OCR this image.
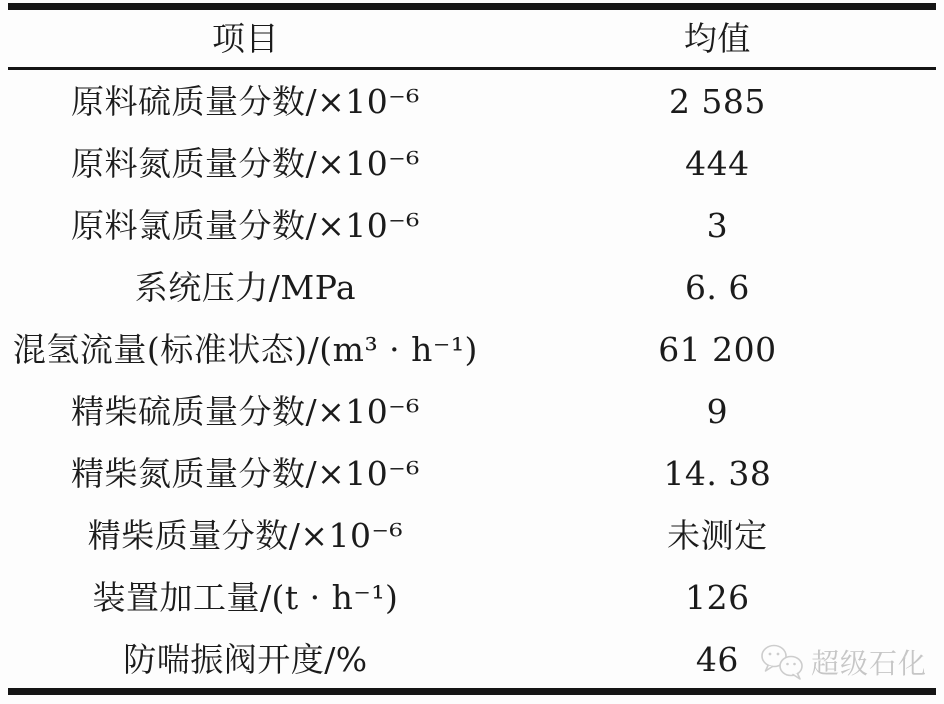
项目	均值
原料硫质量分数/×10⁻⁶	2 585
原料氮质量分数/×10⁻⁶	444
原料氯质量分数/×10⁻⁶	3
系统压力/MPa	6. 6
混氢流量(标准状态)/(m³ · h⁻¹)	61 200
精柴硫质量分数/×10⁻⁶	9
精柴氮质量分数/×10⁻⁶	14. 38
精柴质量分数/×10⁻⁶	未测定
装置加工量/(t · h⁻¹)	126
防喘振阀开度/%	46	超级石化
